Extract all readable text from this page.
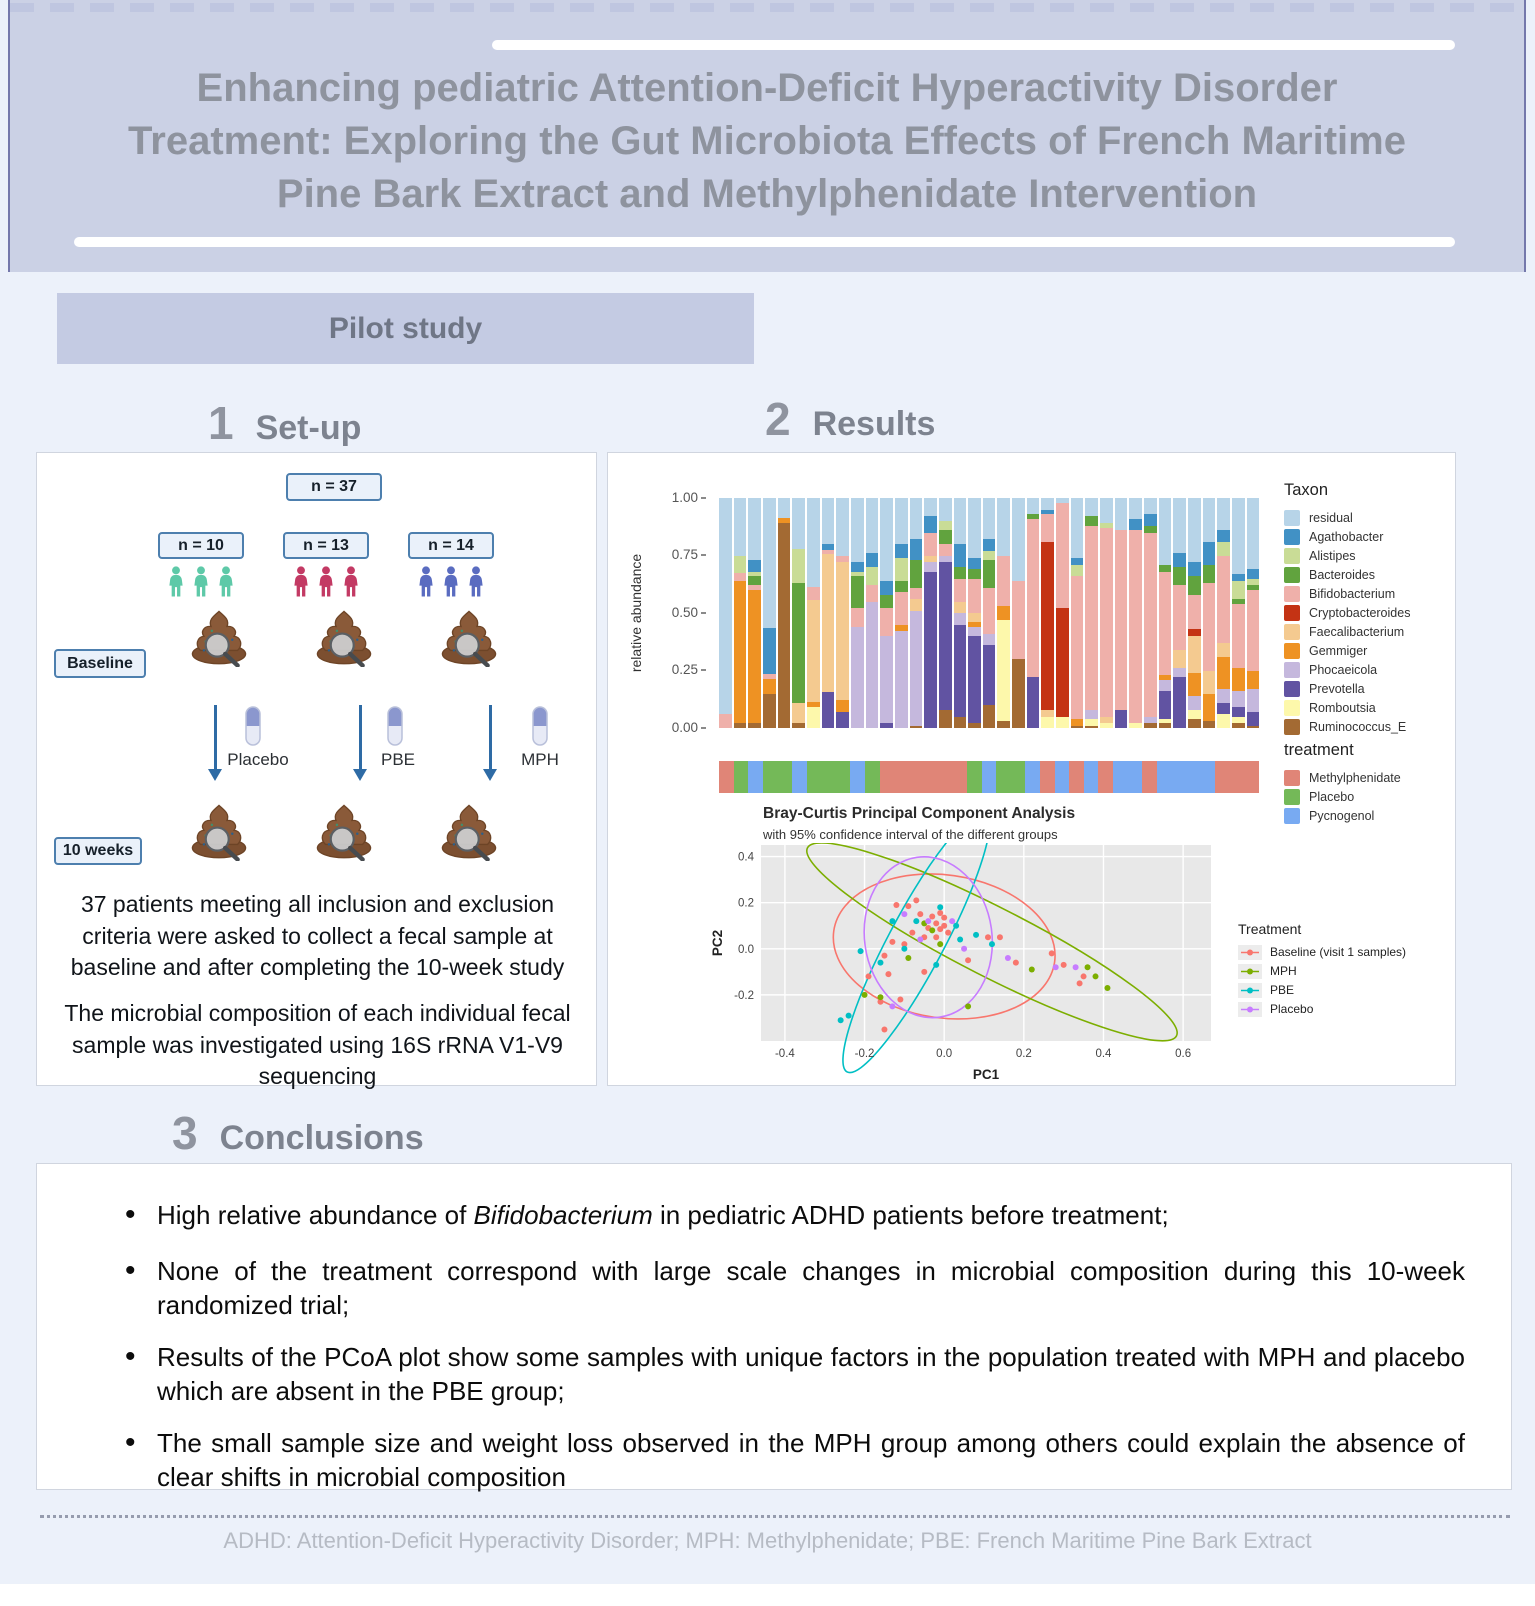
Enhancing pediatric Attention-Deficit Hyperactivity Disorder
Treatment: Exploring the Gut Microbiota Effects of French Maritime
Pine Bark Extract and Methylphenidate Intervention
Pilot study
1 Set-up	2 Results
3 Conclusions
n = 37
n = 10	n = 13	n = 14
Baseline
Placebo	PBE	MPH
10 weeks
37 patients meeting all inclusion and exclusion criteria were asked to collect a fecal sample at baseline and after completing the 10-week study
The microbial composition of each individual fecal sample was investigated using 16S rRNA V1-V9 sequencing
relative abundance
1.00
0.75
0.50
0.25
0.00
Taxon
residual
Agathobacter
Alistipes
Bacteroides
Bifidobacterium
Cryptobacteroides
Faecalibacterium
Gemmiger
Phocaeicola
Prevotella
Romboutsia
Ruminococcus_E
treatment
Methylphenidate
Placebo
Pycnogenol
Bray-Curtis Principal Component Analysis
with 95% confidence interval of the different groups
-0.4	-0.2	0.0	0.2	0.4	0.6
-0.2
0.0
0.2
0.4
PC1
PC2
Treatment
Baseline (visit 1 samples)
MPH
PBE
Placebo
• High relative abundance of Bifidobacterium in pediatric ADHD patients before treatment;
• None of the treatment correspond with large scale changes in microbial composition during this 10-week randomized trial;
• Results of the PCoA plot show some samples with unique factors in the population treated with MPH and placebo which are absent in the PBE group;
• The small sample size and weight loss observed in the MPH group among others could explain the absence of clear shifts in microbial composition
ADHD: Attention-Deficit Hyperactivity Disorder; MPH: Methylphenidate; PBE: French Maritime Pine Bark Extract
